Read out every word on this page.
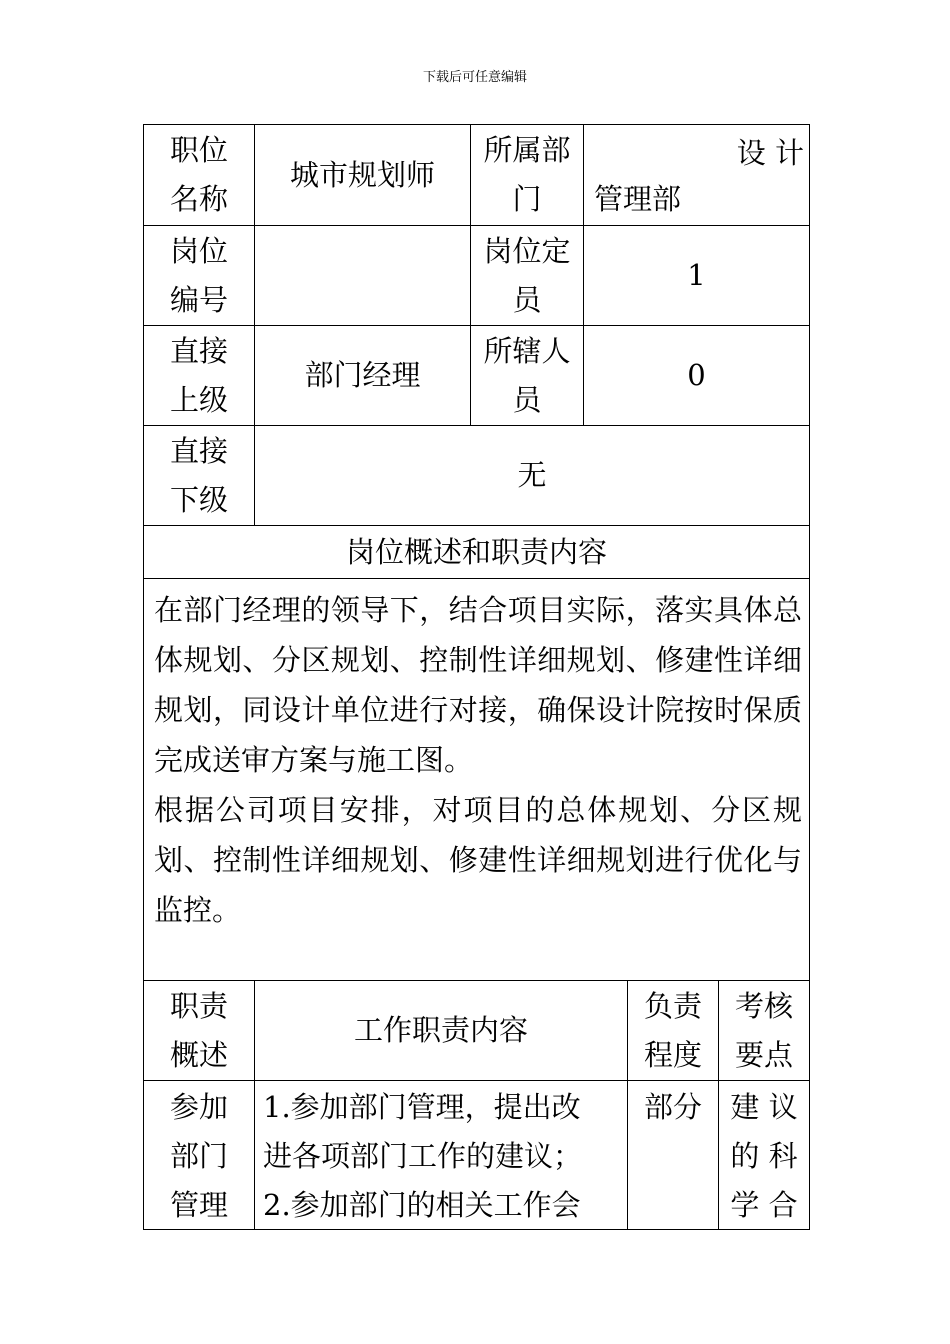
下载后可任意编辑
职位
名称
城市规划师
所属部
门
设 计
管理部
岗位
编号
岗位定
员
1
直接
上级
部门经理
所辖人
员
0
直接
下级
无
岗位概述和职责内容

在部门经理的领导下，结合项目实际，落实具体总体规划、分区规划、控制性详细规划、修建性详细规划，同设计单位进行对接，确保设计院按时保质完成送审方案与施工图。

根据公司项目安排，对项目的总体规划、分区规划、控制性详细规划、修建性详细规划进行优化与监控。

职责
概述
工作职责内容
负责
程度
考核
要点
参加
部门
管理
1.参加部门管理，提出改
进各项部门工作的建议；
2.参加部门的相关工作会
部分 建 议
的 科
学 合
